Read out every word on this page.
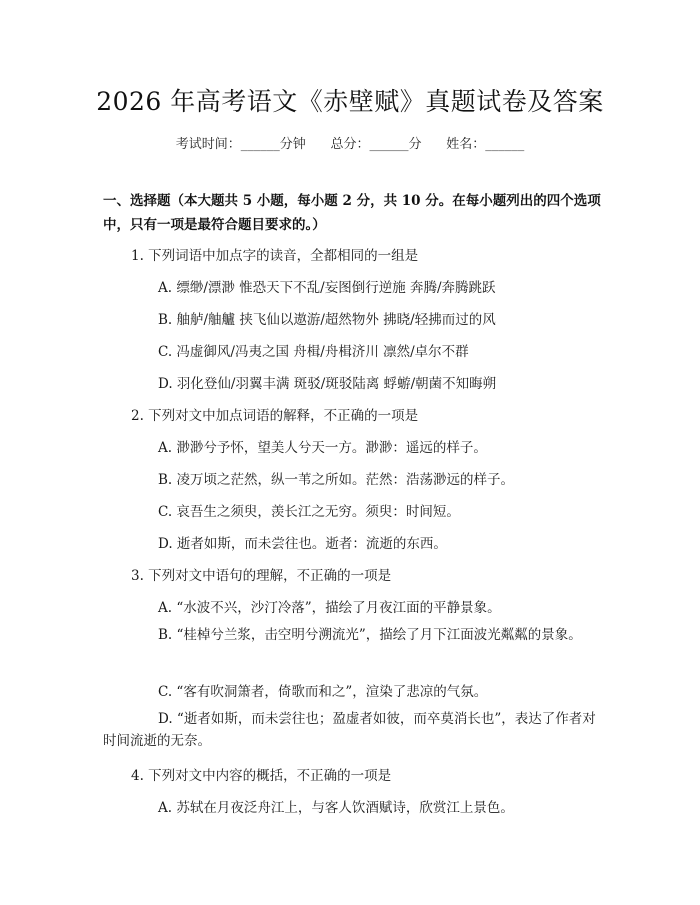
2026 年高考语文《赤壁赋》真题试卷及答案
考试时间：______分钟      总分：______分      姓名：______
一、选择题（本大题共 5 小题，每小题 2 分，共 10 分。在每小题列出的四个选项中，只有一项是最符合题目要求的。）
1. 下列词语中加点字的读音，全都相同的一组是
A. 缥缈/漂渺 惟恐天下不乱/妄图倒行逆施 奔腾/奔腾跳跃
B. 舳舻/舳艫 挟飞仙以遨游/超然物外 拂晓/轻拂而过的风
C. 冯虚御风/冯夷之国 舟楫/舟楫济川 凛然/卓尔不群
D. 羽化登仙/羽翼丰满 斑驳/斑驳陆离 蜉蝣/朝菌不知晦朔
2. 下列对文中加点词语的解释，不正确的一项是
A. 渺渺兮予怀，望美人兮天一方。渺渺：遥远的样子。
B. 凌万顷之茫然，纵一苇之所如。茫然：浩荡渺远的样子。
C. 哀吾生之须臾，羡长江之无穷。须臾：时间短。
D. 逝者如斯，而未尝往也。逝者：流逝的东西。
3. 下列对文中语句的理解，不正确的一项是
A. “水波不兴，沙汀冷落”，描绘了月夜江面的平静景象。
B. “桂棹兮兰浆，击空明兮溯流光”，描绘了月下江面波光粼粼的景象。
C. “客有吹洞箫者，倚歌而和之”，渲染了悲凉的气氛。
D. “逝者如斯，而未尝往也；盈虚者如彼，而卒莫消长也”，表达了作者对时间流逝的无奈。
4. 下列对文中内容的概括，不正确的一项是
A. 苏轼在月夜泛舟江上，与客人饮酒赋诗，欣赏江上景色。
